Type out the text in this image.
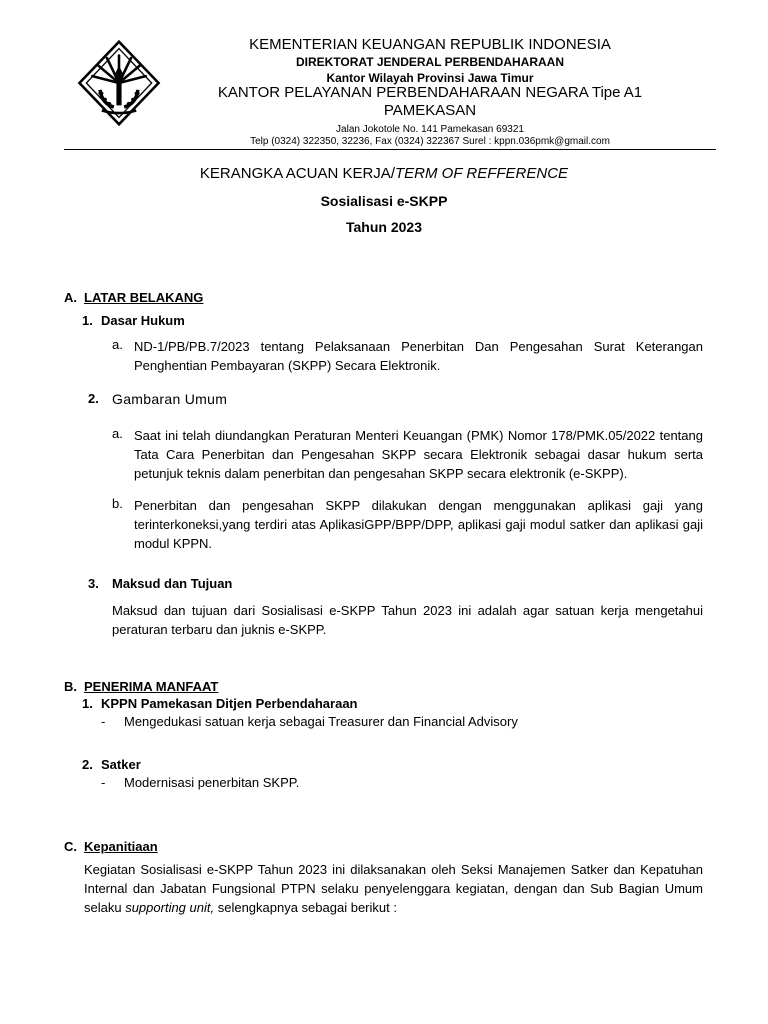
KEMENTERIAN KEUANGAN REPUBLIK INDONESIA
DIREKTORAT JENDERAL PERBENDAHARAAN
Kantor Wilayah Provinsi Jawa Timur
KANTOR PELAYANAN PERBENDAHARAAN NEGARA Tipe A1
PAMEKASAN
Jalan Jokotole No. 141 Pamekasan 69321
Telp (0324) 322350, 32236, Fax (0324) 322367 Surel : kppn.036pmk@gmail.com
KERANGKA ACUAN KERJA/TERM OF REFFERENCE
Sosialisasi e-SKPP
Tahun 2023
A. LATAR BELAKANG
1. Dasar Hukum
a. ND-1/PB/PB.7/2023 tentang Pelaksanaan Penerbitan Dan Pengesahan Surat Keterangan Penghentian Pembayaran (SKPP) Secara Elektronik.
2. Gambaran Umum
a. Saat ini telah diundangkan Peraturan Menteri Keuangan (PMK) Nomor 178/PMK.05/2022 tentang Tata Cara Penerbitan dan Pengesahan SKPP secara Elektronik sebagai dasar hukum serta petunjuk teknis dalam penerbitan dan pengesahan SKPP secara elektronik (e-SKPP).
b. Penerbitan dan pengesahan SKPP dilakukan dengan menggunakan aplikasi gaji yang terinterkoneksi,yang terdiri atas AplikasiGPP/BPP/DPP, aplikasi gaji modul satker dan aplikasi gaji modul KPPN.
3. Maksud dan Tujuan
Maksud dan tujuan dari Sosialisasi e-SKPP Tahun 2023 ini adalah agar satuan kerja mengetahui peraturan terbaru dan juknis e-SKPP.
B. PENERIMA MANFAAT
1. KPPN Pamekasan Ditjen Perbendaharaan
- Mengedukasi satuan kerja sebagai Treasurer dan Financial Advisory
2. Satker
- Modernisasi penerbitan SKPP.
C. Kepanitiaan
Kegiatan Sosialisasi e-SKPP Tahun 2023 ini dilaksanakan oleh Seksi Manajemen Satker dan Kepatuhan Internal dan Jabatan Fungsional PTPN selaku penyelenggara kegiatan, dengan dan Sub Bagian Umum selaku supporting unit, selengkapnya sebagai berikut :
